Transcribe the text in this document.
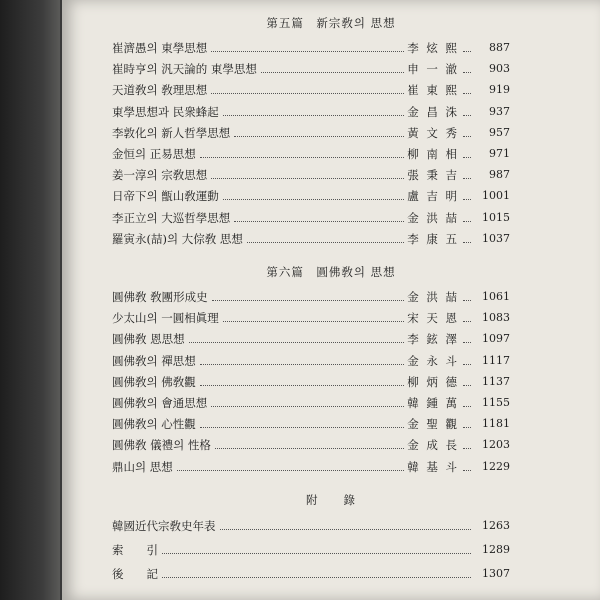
第五篇　新宗敎의 思想
崔濟愚의 東學思想	李 炫 熙	887
崔時亨의 汎天論的 東學思想	申 一 澈	903
天道敎의 敎理思想	崔 東 熙	919
東學思想과 民衆蜂起	金 昌 洙	937
李敦化의 新人哲學思想	黃 文 秀	957
金恒의 正易思想	柳 南 相	971
姜一淳의 宗敎思想	張 秉 吉	987
日帝下의 甑山敎運動	盧 吉 明	1001
李正立의 大巡哲學思想	金 洪 喆	1015
羅寅永(喆)의 大倧敎 思想	李 康 五	1037
第六篇　圓佛敎의 思想
圓佛敎 敎團形成史	金 洪 喆	1061
少太山의 一圓相眞理	宋 天 恩	1083
圓佛敎 恩思想	李 鉉 澤	1097
圓佛敎의 禪思想	金 永 斗	1117
圓佛敎의 佛敎觀	柳 炳 德	1137
圓佛敎의 會通思想	韓 鍾 萬	1155
圓佛敎의 心性觀	金 聖 觀	1181
圓佛敎 儀禮의 性格	金 成 長	1203
鼎山의 思想	韓 基 斗	1229
附　　錄
韓國近代宗敎史年表	1263
索　　引	1289
後　　記	1307
